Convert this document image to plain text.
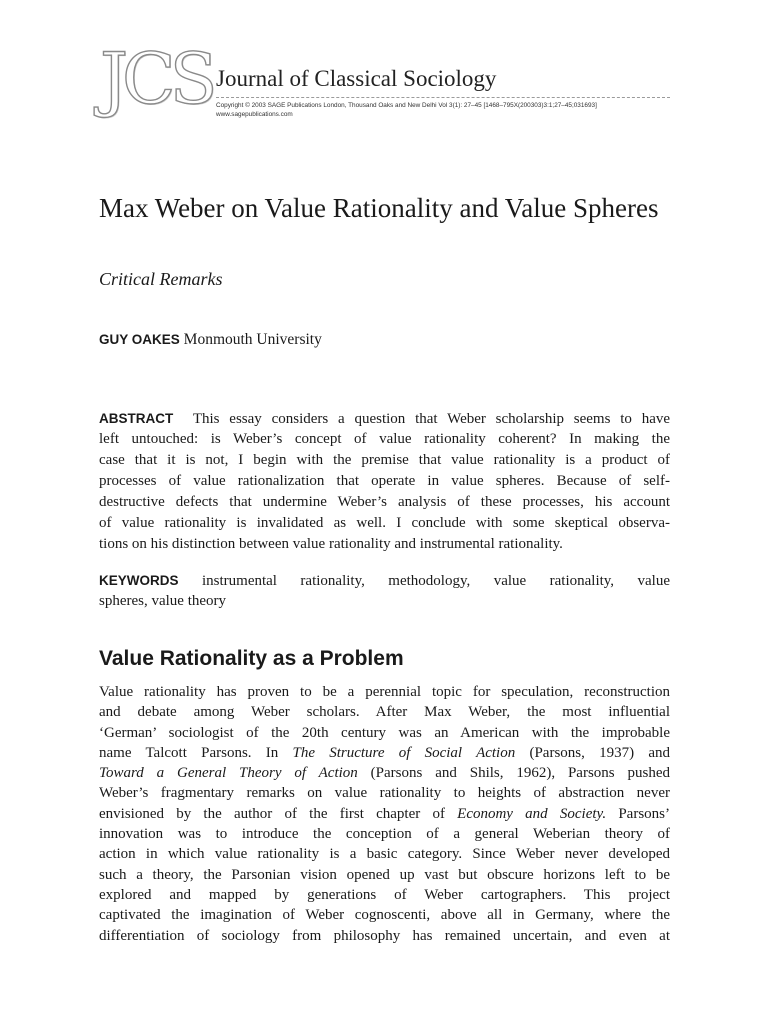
JCS Journal of Classical Sociology
Copyright © 2003 SAGE Publications London, Thousand Oaks and New Delhi Vol 3(1): 27–45 [1468–795X(200303)3:1;27–45;031693]
www.sagepublications.com
Max Weber on Value Rationality and Value Spheres
Critical Remarks
GUY OAKES Monmouth University
ABSTRACT This essay considers a question that Weber scholarship seems to have
left untouched: is Weber’s concept of value rationality coherent? In making the
case that it is not, I begin with the premise that value rationality is a product of
processes of value rationalization that operate in value spheres. Because of self-
destructive defects that undermine Weber’s analysis of these processes, his account
of value rationality is invalidated as well. I conclude with some skeptical observa-
tions on his distinction between value rationality and instrumental rationality.
KEYWORDS instrumental rationality, methodology, value rationality, value
spheres, value theory
Value Rationality as a Problem
Value rationality has proven to be a perennial topic for speculation, reconstruction
and debate among Weber scholars. After Max Weber, the most influential
‘German’ sociologist of the 20th century was an American with the improbable
name Talcott Parsons. In The Structure of Social Action (Parsons, 1937) and
Toward a General Theory of Action (Parsons and Shils, 1962), Parsons pushed
Weber’s fragmentary remarks on value rationality to heights of abstraction never
envisioned by the author of the first chapter of Economy and Society. Parsons’
innovation was to introduce the conception of a general Weberian theory of
action in which value rationality is a basic category. Since Weber never developed
such a theory, the Parsonian vision opened up vast but obscure horizons left to be
explored and mapped by generations of Weber cartographers. This project
captivated the imagination of Weber cognoscenti, above all in Germany, where the
differentiation of sociology from philosophy has remained uncertain, and even at
